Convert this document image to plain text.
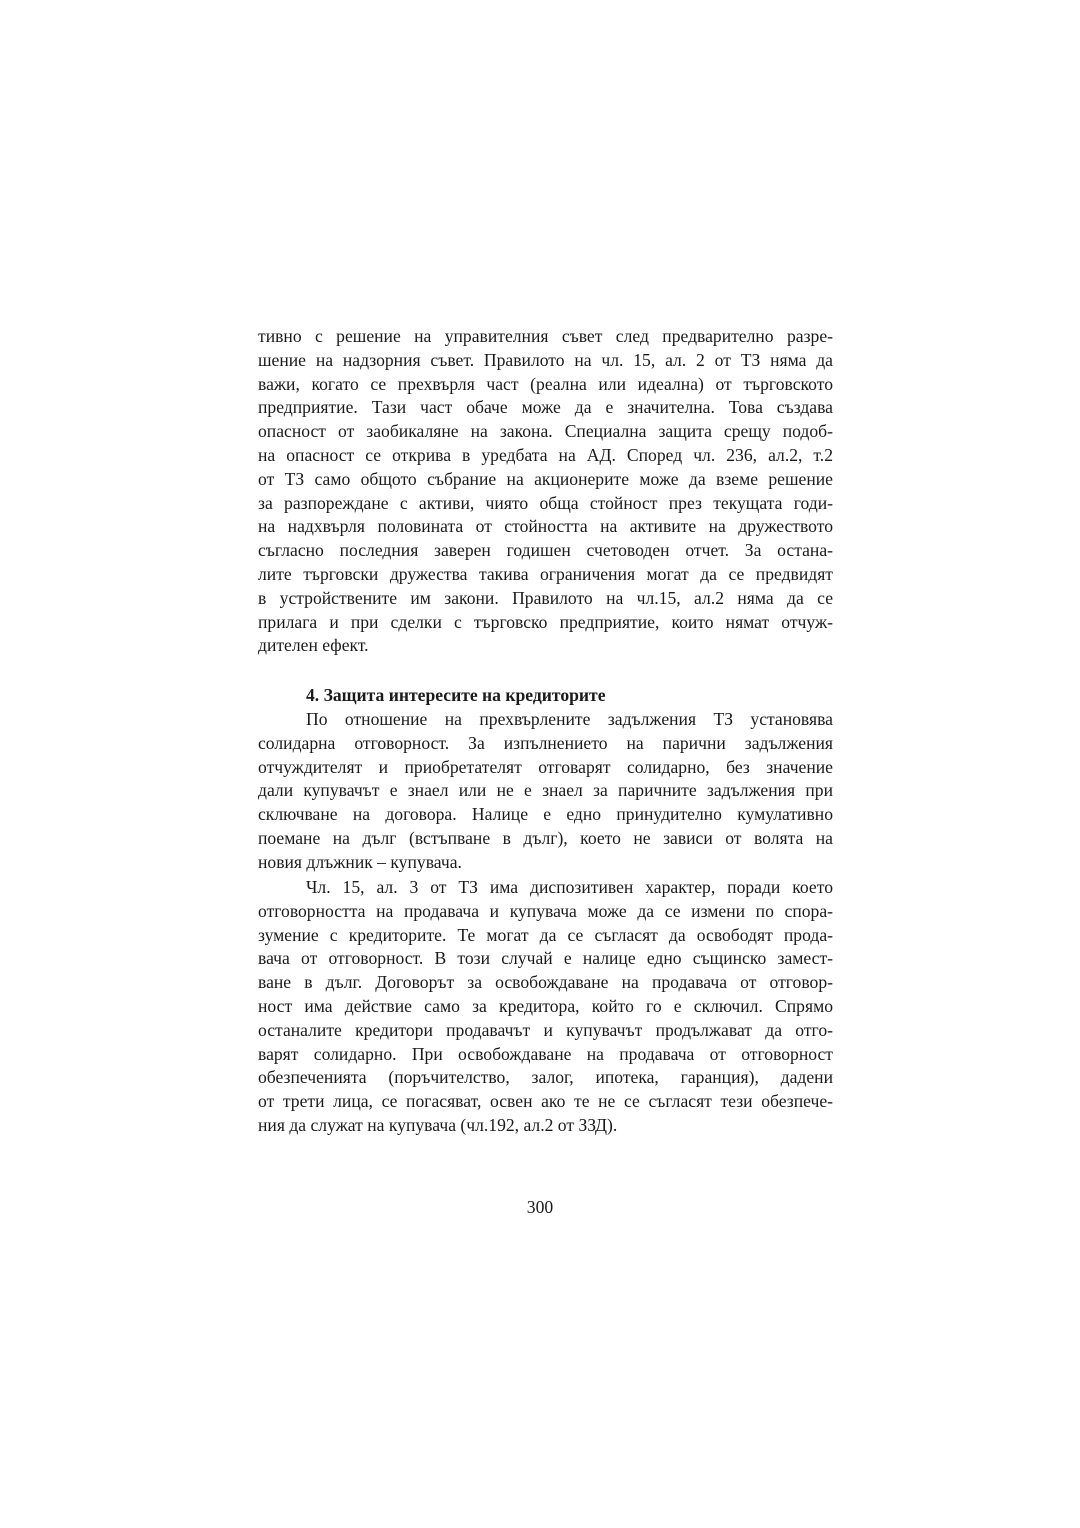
тивно с решение на управителния съвет след предварително разре-
шение на надзорния съвет. Правилото на чл. 15, ал. 2 от ТЗ няма да
важи, когато се прехвърля част (реална или идеална) от търговското
предприятие. Тази част обаче може да е значителна. Това създава
опасност от заобикаляне на закона. Специална защита срещу подоб-
на опасност се открива в уредбата на АД. Според чл. 236, ал.2, т.2
от ТЗ само общото събрание на акционерите може да вземе решение
за разпореждане с активи, чиято обща стойност през текущата годи-
на надхвърля половината от стойността на активите на дружеството
съгласно последния заверен годишен счетоводен отчет. За остана-
лите търговски дружества такива ограничения могат да се предвидят
в устройствените им закони. Правилото на чл.15, ал.2 няма да се
прилага и при сделки с търговско предприятие, които нямат отчуж-
дителен ефект.
4. Защита интересите на кредиторите
По отношение на прехвърлените задължения ТЗ установява
солидарна отговорност. За изпълнението на парични задължения
отчуждителят и приобретателят отговарят солидарно, без значение
дали купувачът е знаел или не е знаел за паричните задължения при
сключване на договора. Налице е едно принудително кумулативно
поемане на дълг (встъпване в дълг), което не зависи от волята на
новия длъжник – купувача.
Чл. 15, ал. 3 от ТЗ има диспозитивен характер, поради което
отговорността на продавача и купувача може да се измени по спора-
зумение с кредиторите. Те могат да се съгласят да освободят прода-
вача от отговорност. В този случай е налице едно същинско замест-
ване в дълг. Договорът за освобождаване на продавача от отговор-
ност има действие само за кредитора, който го е сключил. Спрямо
останалите кредитори продавачът и купувачът продължават да отго-
варят солидарно. При освобождаване на продавача от отговорност
обезпеченията (поръчителство, залог, ипотека, гаранция), дадени
от трети лица, се погасяват, освен ако те не се съгласят тези обезпече-
ния да служат на купувача (чл.192, ал.2 от ЗЗД).
300
